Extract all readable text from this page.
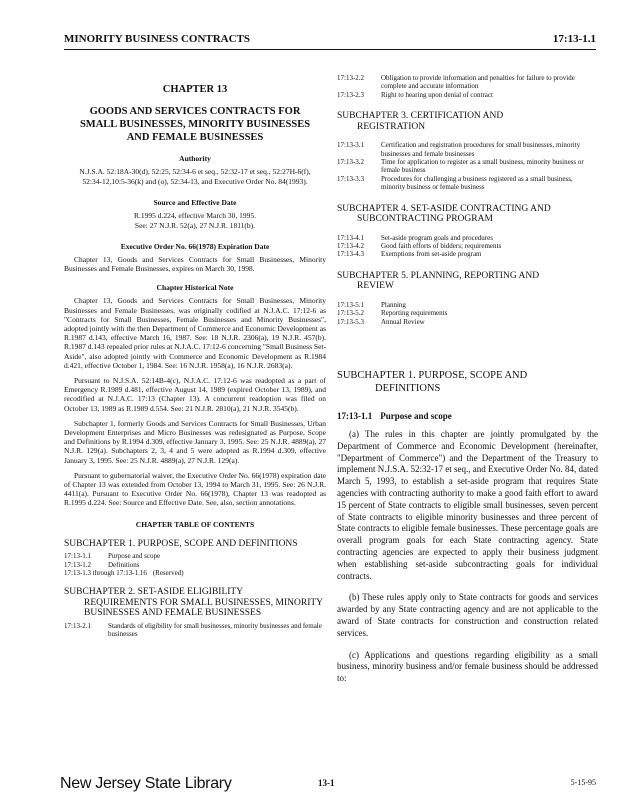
MINORITY BUSINESS CONTRACTS	17:13-1.1
CHAPTER 13
GOODS AND SERVICES CONTRACTS FOR SMALL BUSINESSES, MINORITY BUSINESSES AND FEMALE BUSINESSES
Authority
N.J.S.A. 52:18A-30(d), 52:25, 52:34-6 et seq., 52:32-17 et seq., 52:27H-6(f), 52:34-12,10:5-36(k) and (o), 52:34-13, and Executive Order No. 84(1993).
Source and Effective Date
R.1995 d.224, effective March 30, 1995.
See: 27 N.J.R. 52(a), 27 N.J.R. 1811(b).
Executive Order No. 66(1978) Expiration Date

Chapter 13, Goods and Services Contracts for Small Businesses, Minority Businesses and Female Businesses, expires on March 30, 1998.

Chapter Historical Note

Chapter 13, Goods and Services Contracts for Small Businesses, Minority Businesses and Female Businesses, was originally codified at N.J.A.C. 17:12-6 as "Contracts for Small Businesses, Female Businesses and Minority Businesses", adopted jointly with the then Department of Commerce and Economic Development as R.1987 d.143, effective March 16, 1987. See: 18 N.J.R. 2306(a), 19 N.J.R. 457(b). R.1987 d.143 repealed prior rules at N.J.A.C. 17:12-6 concerning "Small Business Set-Aside", also adopted jointly with Commerce and Economic Development as R.1984 d.421, effective October 1, 1984. See: 16 N.J.R. 1958(a), 16 N.J.R. 2683(a).

Pursuant to N.J.S.A. 52:14B-4(c), N.J.A.C. 17:12-6 was readopted as a part of Emergency R.1989 d.481, effective August 14, 1989 (expired October 13, 1989), and recodified at N.J.A.C. 17:13 (Chapter 13). A concurrent readoption was filed on October 13, 1989 as R.1989 d.554. See: 21 N.J.R. 2810(a), 21 N.J.R. 3545(b).

Subchapter 1, formerly Goods and Services Contracts for Small Businesses, Urban Development Enterprises and Micro Businesses was redesignated as Purpose, Scope and Definitions by R.1994 d.309, effective January 3, 1995. See: 25 N.J.R. 4889(a), 27 N.J.R. 129(a). Subchapters 2, 3, 4 and 5 were adopted as R.1994 d.309, effective January 3, 1995. See: 25 N.J.R. 4889(a), 27 N.J.R. 129(a).

Pursuant to gubernatorial waiver, the Executive Order No. 66(1978) expiration date of Chapter 13 was extended from October 13, 1994 to March 31, 1995. See: 26 N.J.R. 4411(a). Pursuant to Executive Order No. 66(1978), Chapter 13 was readopted as R.1995 d.224. See: Source and Effective Date. See, also, section annotations.

CHAPTER TABLE OF CONTENTS
SUBCHAPTER 1. PURPOSE, SCOPE AND DEFINITIONS
17:13-1.1	Purpose and scope
17:13-1.2	Definitions
17:13-1.3 through 17:13-1.16 (Reserved)
SUBCHAPTER 2. SET-ASIDE ELIGIBILITY
REQUIREMENTS FOR SMALL BUSINESSES, MINORITY BUSINESSES AND FEMALE BUSINESSES
17:13-2.1	Standards of eligibility for small businesses, minority businesses and female businesses
17:13-2.2	Obligation to provide information and penalties for failure to provide complete and accurate information
17:13-2.3	Right to hearing upon denial of contract
SUBCHAPTER 3. CERTIFICATION AND
REGISTRATION
17:13-3.1	Certification and registration procedures for small businesses, minority businesses and female businesses
17:13-3.2	Time for application to register as a small business, minority business or female business
17:13-3.3	Procedures for challenging a business registered as a small business, minority business or female business
SUBCHAPTER 4. SET-ASIDE CONTRACTING AND
SUBCONTRACTING PROGRAM
17:13-4.1	Set-aside program goals and procedures
17:13-4.2	Good faith efforts of bidders; requirements
17:13-4.3	Exemptions from set-aside program
SUBCHAPTER 5. PLANNING, REPORTING AND
REVIEW
17:13-5.1	Planning
17:13-5.2	Reporting requirements
17:13-5.3	Annual Review
SUBCHAPTER 1. PURPOSE, SCOPE AND
DEFINITIONS
17:13-1.1 Purpose and scope

(a) The rules in this chapter are jointly promulgated by the Department of Commerce and Economic Development (hereinafter, "Department of Commerce") and the Department of the Treasury to implement N.J.S.A. 52:32-17 et seq., and Executive Order No. 84, dated March 5, 1993, to establish a set-aside program that requires State agencies with contracting authority to make a good faith effort to award 15 percent of State contracts to eligible small businesses, seven percent of State contracts to eligible minority businesses and three percent of State contracts to eligible female businesses. These percentage goals are overall program goals for each State contracting agency. State contracting agencies are expected to apply their business judgment when establishing set-aside subcontracting goals for individual contracts.

(b) These rules apply only to State contracts for goods and services awarded by any State contracting agency and are not applicable to the award of State contracts for construction and construction related services.

(c) Applications and questions regarding eligibility as a small business, minority business and/or female business should be addressed to:

New Jersey State Library	13-1	5-15-95
